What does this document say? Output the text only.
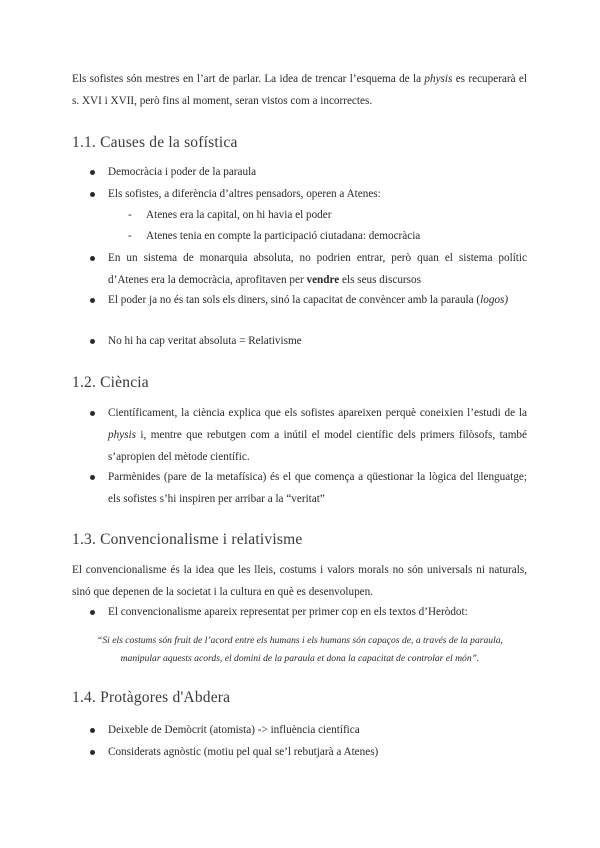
Els sofistes són mestres en l’art de parlar. La idea de trencar l’esquema de la physis es recuperarà el s. XVI i XVII, però fins al moment, seran vistos com a incorrectes.
1.1. Causes de la sofística
Democràcia i poder de la paraula
Els sofistes, a diferència d’altres pensadors, operen a Atenes:
- Atenes era la capital, on hi havia el poder
- Atenes tenia en compte la participació ciutadana: democràcia
En un sistema de monarquia absoluta, no podrien entrar, però quan el sistema polític d’Atenes era la democràcia, aprofitaven per vendre els seus discursos
El poder ja no és tan sols els diners, sinó la capacitat de convèncer amb la paraula (logos)
No hi ha cap veritat absoluta = Relativisme
1.2. Ciència
Científicament, la ciència explica que els sofistes apareixen perquè coneixien l’estudi de la physis i, mentre que rebutgen com a inútil el model científic dels primers filòsofs, també s’apropien del mètode científic.
Parmènides (pare de la metafísica) és el que comença a qüestionar la lògica del llenguatge; els sofistes s’hi inspiren per arribar a la “veritat”
1.3. Convencionalisme i relativisme
El convencionalisme és la idea que les lleis, costums i valors morals no són universals ni naturals, sinó que depenen de la societat i la cultura en què es desenvolupen.
El convencionalisme apareix representat per primer cop en els textos d’Heròdot:
“Si els costums són fruit de l’acord entre els humans i els humans són capaços de, a través de la paraula, manipular aquests acords, el domini de la paraula et dona la capacitat de controlar el món”.
1.4. Protàgores d'Abdera
Deixeble de Demòcrit (atomista) -> influència científica
Considerats agnòstic (motiu pel qual se’l rebutjarà a Atenes)
